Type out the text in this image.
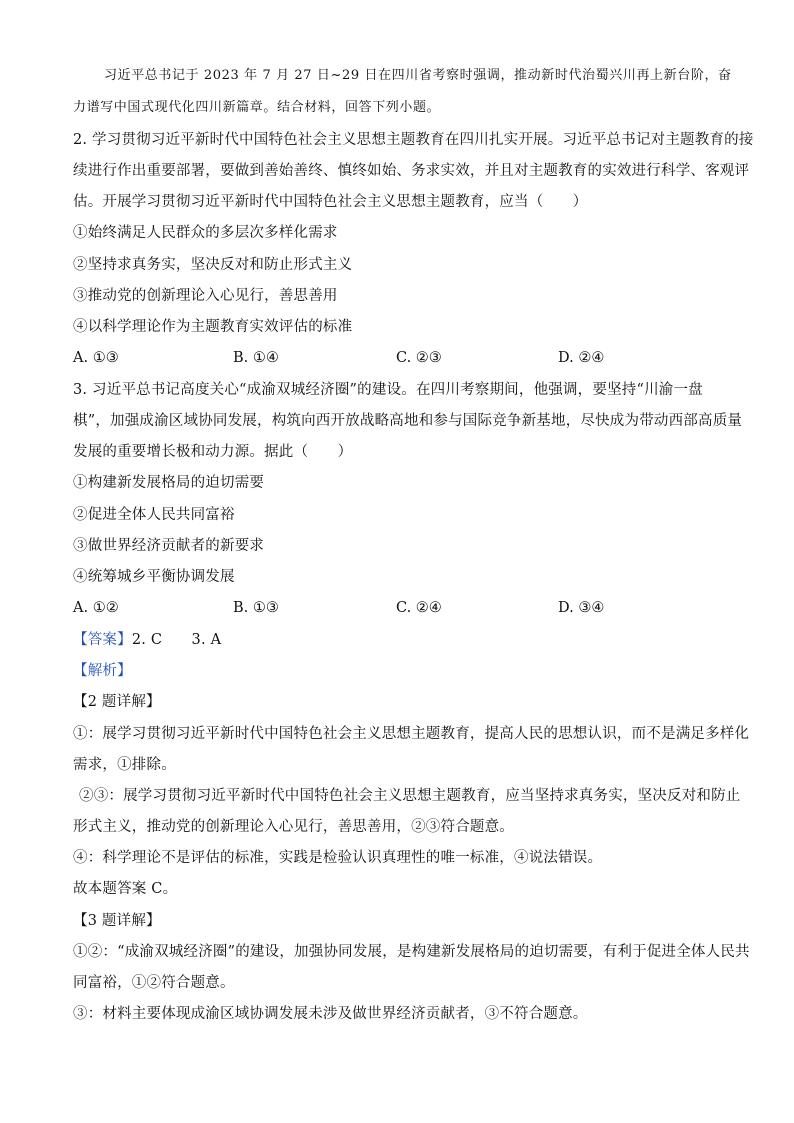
习近平总书记于 2023 年 7 月 27 日~29 日在四川省考察时强调，推动新时代治蜀兴川再上新台阶，奋
力谱写中国式现代化四川新篇章。结合材料，回答下列小题。
2. 学习贯彻习近平新时代中国特色社会主义思想主题教育在四川扎实开展。习近平总书记对主题教育的接
续进行作出重要部署，要做到善始善终、慎终如始、务求实效，并且对主题教育的实效进行科学、客观评
估。开展学习贯彻习近平新时代中国特色社会主义思想主题教育，应当（　　）
①始终满足人民群众的多层次多样化需求
②坚持求真务实，坚决反对和防止形式主义
③推动党的创新理论入心见行，善思善用
④以科学理论作为主题教育实效评估的标准
A. ①③	B. ①④	C. ②③	D. ②④
3. 习近平总书记高度关心“成渝双城经济圈”的建设。在四川考察期间，他强调，要坚持“川渝一盘
棋”，加强成渝区域协同发展，构筑向西开放战略高地和参与国际竞争新基地，尽快成为带动西部高质量
发展的重要增长极和动力源。据此（　　）
①构建新发展格局的迫切需要
②促进全体人民共同富裕
③做世界经济贡献者的新要求
④统筹城乡平衡协调发展
A. ①②	B. ①③	C. ②④	D. ③④
【答案】2. C　　3. A
【解析】
【2 题详解】
①：展学习贯彻习近平新时代中国特色社会主义思想主题教育，提高人民的思想认识，而不是满足多样化
需求，①排除。
②③：展学习贯彻习近平新时代中国特色社会主义思想主题教育，应当坚持求真务实，坚决反对和防止
形式主义，推动党的创新理论入心见行，善思善用，②③符合题意。
④：科学理论不是评估的标准，实践是检验认识真理性的唯一标准，④说法错误。
故本题答案 C。
【3 题详解】
①②：“成渝双城经济圈”的建设，加强协同发展，是构建新发展格局的迫切需要，有利于促进全体人民共
同富裕，①②符合题意。
③：材料主要体现成渝区域协调发展未涉及做世界经济贡献者，③不符合题意。
